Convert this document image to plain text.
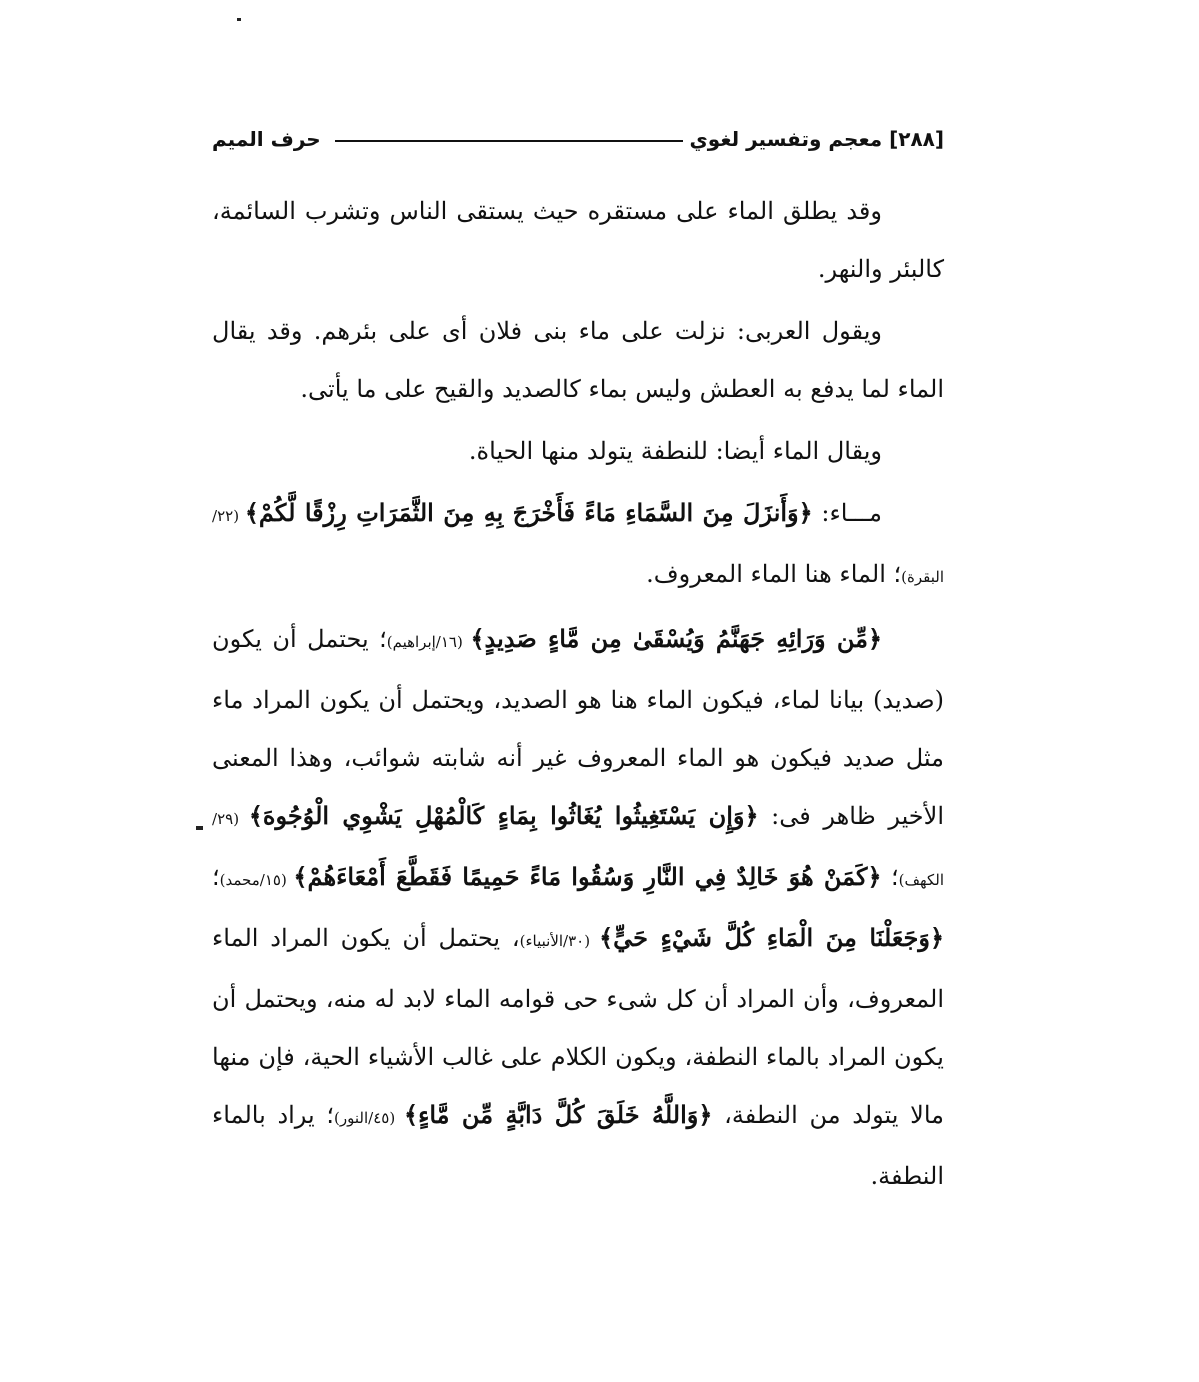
[٢٨٨] معجم وتفسير لغوي
حرف الميم

وقد يطلق الماء على مستقره حيث يستقى الناس وتشرب السائمة، كالبئر والنهر.

ويقول العربى: نزلت على ماء بنى فلان أى على بئرهم. وقد يقال الماء لما يدفع به العطش وليس بماء كالصديد والقيح على ما يأتى.

ويقال الماء أيضا: للنطفة يتولد منها الحياة.

مـــاء: ﴿وَأَنزَلَ مِنَ السَّمَاءِ مَاءً فَأَخْرَجَ بِهِ مِنَ الثَّمَرَاتِ رِزْقًا لَّكُمْ﴾ (٢٢/البقرة)؛ الماء هنا الماء المعروف.

﴿مِّن وَرَائِهِ جَهَنَّمُ وَيُسْقَىٰ مِن مَّاءٍ صَدِيدٍ﴾ (١٦/إبراهيم)؛ يحتمل أن يكون (صديد) بيانا لماء، فيكون الماء هنا هو الصديد، ويحتمل أن يكون المراد ماء مثل صديد فيكون هو الماء المعروف غير أنه شابته شوائب، وهذا المعنى الأخير ظاهر فى: ﴿وَإِن يَسْتَغِيثُوا يُغَاثُوا بِمَاءٍ كَالْمُهْلِ يَشْوِي الْوُجُوهَ﴾ (٢٩/الكهف)؛ ﴿كَمَنْ هُوَ خَالِدٌ فِي النَّارِ وَسُقُوا مَاءً حَمِيمًا فَقَطَّعَ أَمْعَاءَهُمْ﴾ (١٥/محمد)؛ ﴿وَجَعَلْنَا مِنَ الْمَاءِ كُلَّ شَيْءٍ حَيٍّ﴾ (٣٠/الأنبياء)، يحتمل أن يكون المراد الماء المعروف، وأن المراد أن كل شىء حى قوامه الماء لابد له منه، ويحتمل أن يكون المراد بالماء النطفة، ويكون الكلام على غالب الأشياء الحية، فإن منها مالا يتولد من النطفة، ﴿وَاللَّهُ خَلَقَ كُلَّ دَابَّةٍ مِّن مَّاءٍ﴾ (٤٥/النور)؛ يراد بالماء النطفة.
